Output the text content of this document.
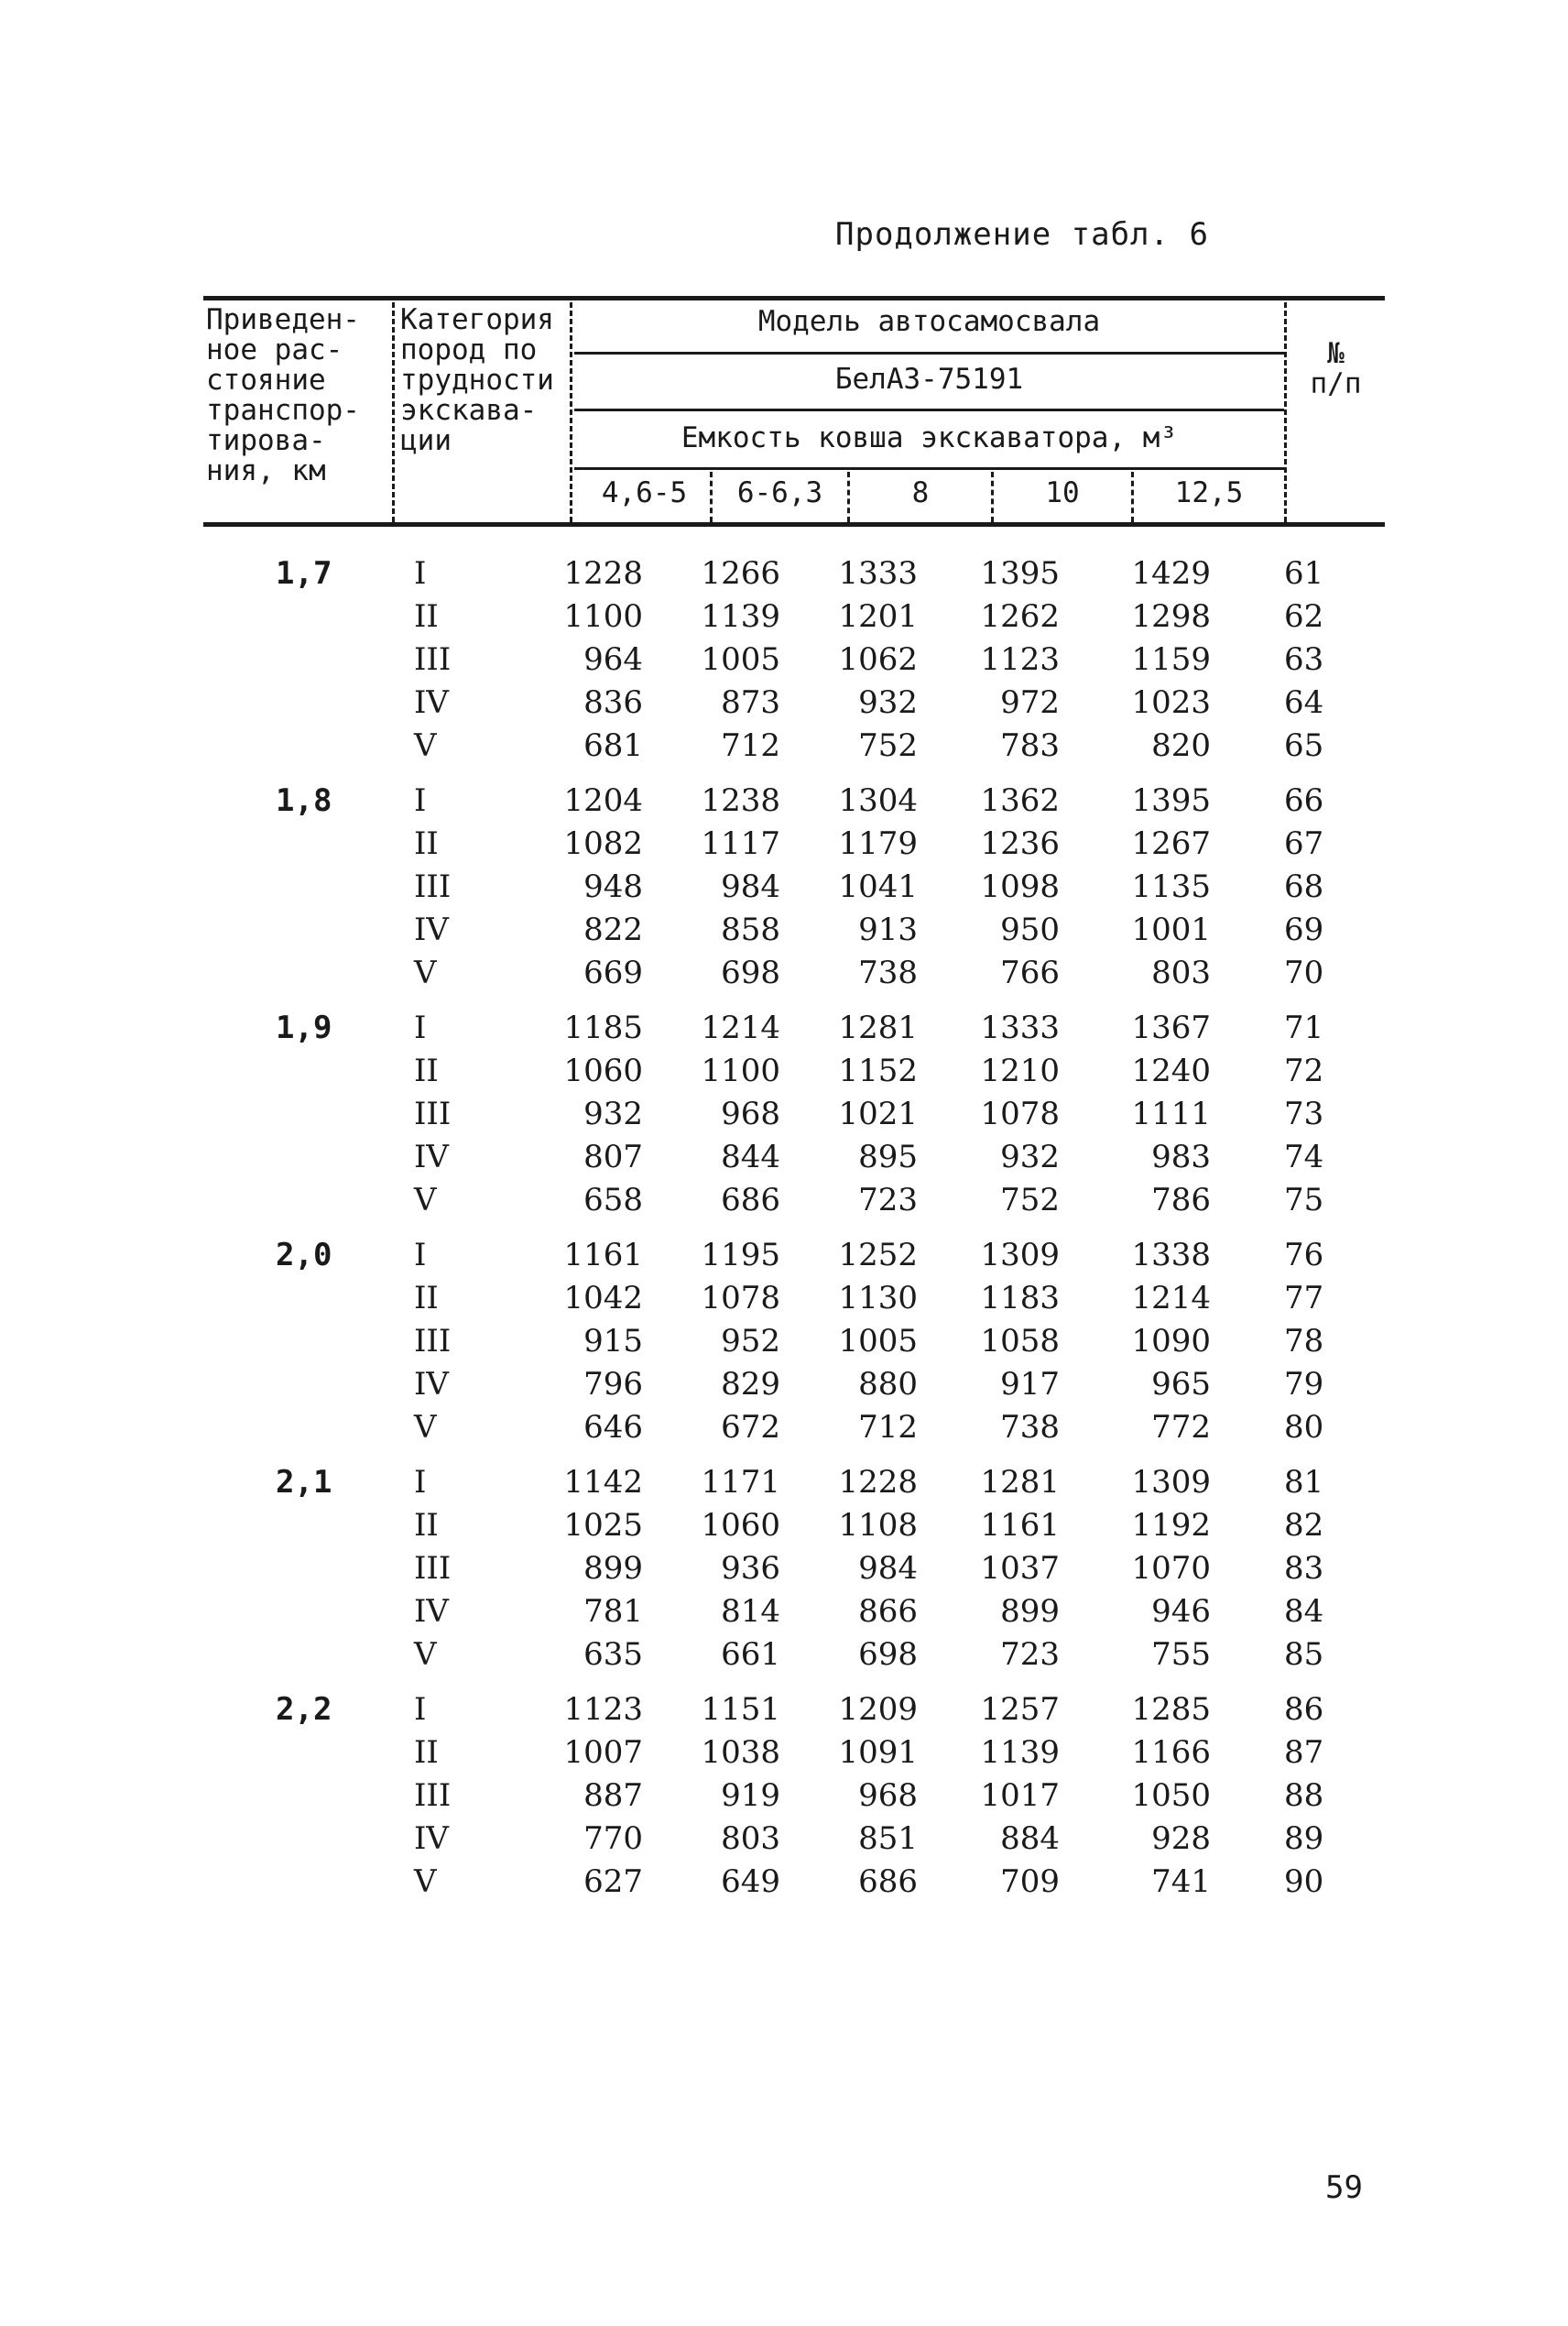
Продолжение табл. 6
Приведен-
ное рас-
стояние
транспор-
тирова-
ния, км
Категория
пород по
трудности
экскава-
ции
Модель автосамосвала
БелАЗ-75191
Емкость ковша экскаватора, м³
4,6-5	6-6,3	8	10	12,5
№
п/п
1,7	I	1228	1266	1333	1395	1429 61
II	1100	1139	1201	1262	1298 62
III	964	1005	1062	1123	1159 63
IV	836	873	932	972	1023 64
V	681	712	752	783	820 65
1,8	I	1204	1238	1304	1362	1395 66
II	1082	1117	1179	1236	1267 67
III	948	984	1041	1098	1135 68
IV	822	858	913	950	1001 69
V	669	698	738	766	803 70
1,9	I	1185	1214	1281	1333	1367 71
II	1060	1100	1152	1210	1240 72
III	932	968	1021	1078	1111 73
IV	807	844	895	932	983 74
V	658	686	723	752	786 75
2,0	I	1161	1195	1252	1309	1338 76
II	1042	1078	1130	1183	1214 77
III	915	952	1005	1058	1090 78
IV	796	829	880	917	965 79
V	646	672	712	738	772 80
2,1	I	1142	1171	1228	1281	1309 81
II	1025	1060	1108	1161	1192 82
III	899	936	984	1037	1070 83
IV	781	814	866	899	946 84
V	635	661	698	723	755 85
2,2	I	1123	1151	1209	1257	1285 86
II	1007	1038	1091	1139	1166 87
III	887	919	968	1017	1050 88
IV	770	803	851	884	928 89
V	627	649	686	709	741 90
59
